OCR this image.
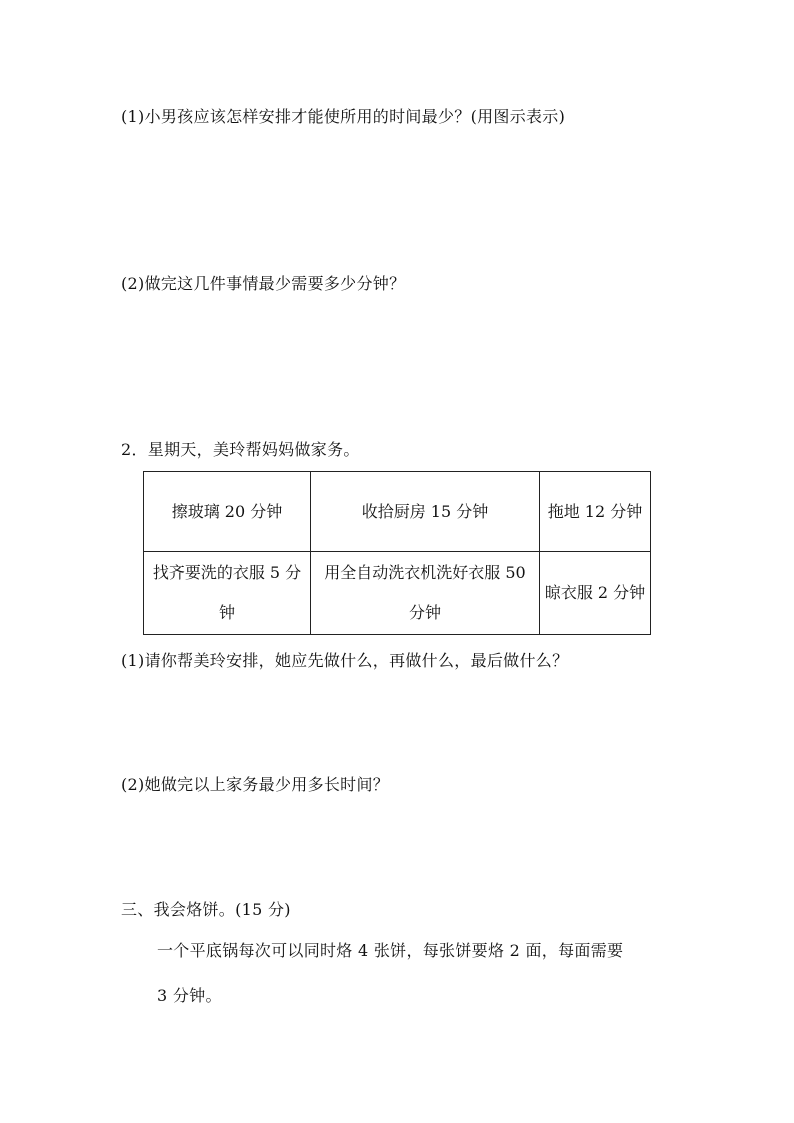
(1)小男孩应该怎样安排才能使所用的时间最少？(用图示表示)
(2)做完这几件事情最少需要多少分钟？
2．星期天，美玲帮妈妈做家务。
擦玻璃 20 分钟	收拾厨房 15 分钟	拖地 12 分钟
找齐要洗的衣服 5 分钟	用全自动洗衣机洗好衣服 50 分钟	晾衣服 2 分钟
(1)请你帮美玲安排，她应先做什么，再做什么，最后做什么？
(2)她做完以上家务最少用多长时间？
三、我会烙饼。(15 分)
一个平底锅每次可以同时烙 4 张饼，每张饼要烙 2 面，每面需要
3 分钟。
